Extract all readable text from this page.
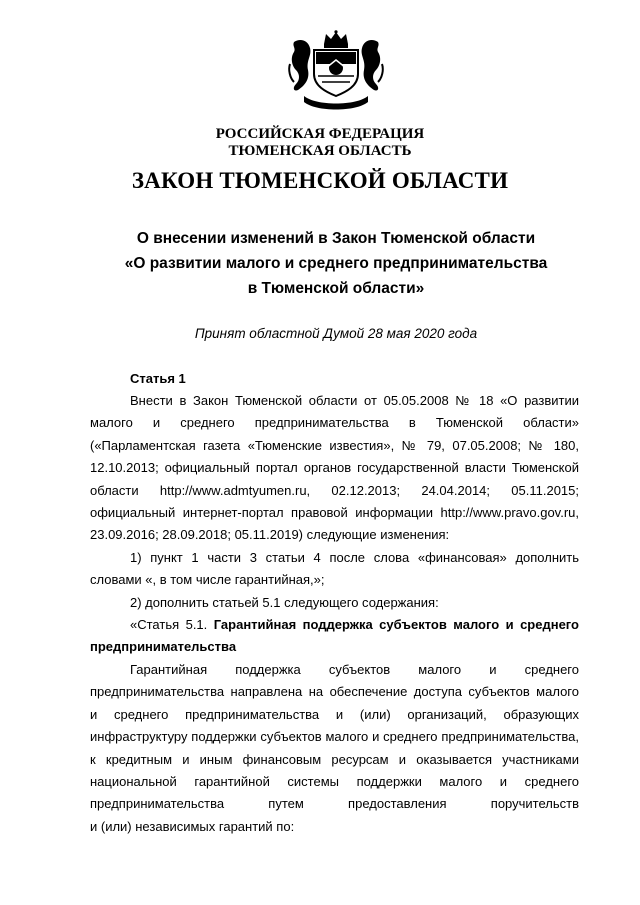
РОССИЙСКАЯ ФЕДЕРАЦИЯ
ТЮМЕНСКАЯ ОБЛАСТЬ
ЗАКОН ТЮМЕНСКОЙ ОБЛАСТИ
О внесении изменений в Закон Тюменской области
«О развитии малого и среднего предпринимательства
в Тюменской области»
Принят областной Думой 28 мая 2020 года

Статья 1

Внести в Закон Тюменской области от 05.05.2008 № 18 «О развитии

малого и среднего предпринимательства в Тюменской области»

(«Парламентская газета «Тюменские известия», № 79, 07.05.2008; № 180,

12.10.2013; официальный портал органов государственной власти Тюменской

области http://www.admtyumen.ru, 02.12.2013; 24.04.2014; 05.11.2015;

официальный интернет-портал правовой информации http://www.pravo.gov.ru,

23.09.2016; 28.09.2018; 05.11.2019) следующие изменения:

1) пункт 1 части 3 статьи 4 после слова «финансовая» дополнить

словами «, в том числе гарантийная,»;

2) дополнить статьей 5.1 следующего содержания:

«Статья 5.1. Гарантийная поддержка субъектов малого и среднего

предпринимательства

Гарантийная поддержка субъектов малого и среднего

предпринимательства направлена на обеспечение доступа субъектов малого

и среднего предпринимательства и (или) организаций, образующих

инфраструктуру поддержки субъектов малого и среднего предпринимательства,

к кредитным и иным финансовым ресурсам и оказывается участниками

национальной гарантийной системы поддержки малого и среднего

предпринимательства путем предоставления поручительств

и (или) независимых гарантий по:
